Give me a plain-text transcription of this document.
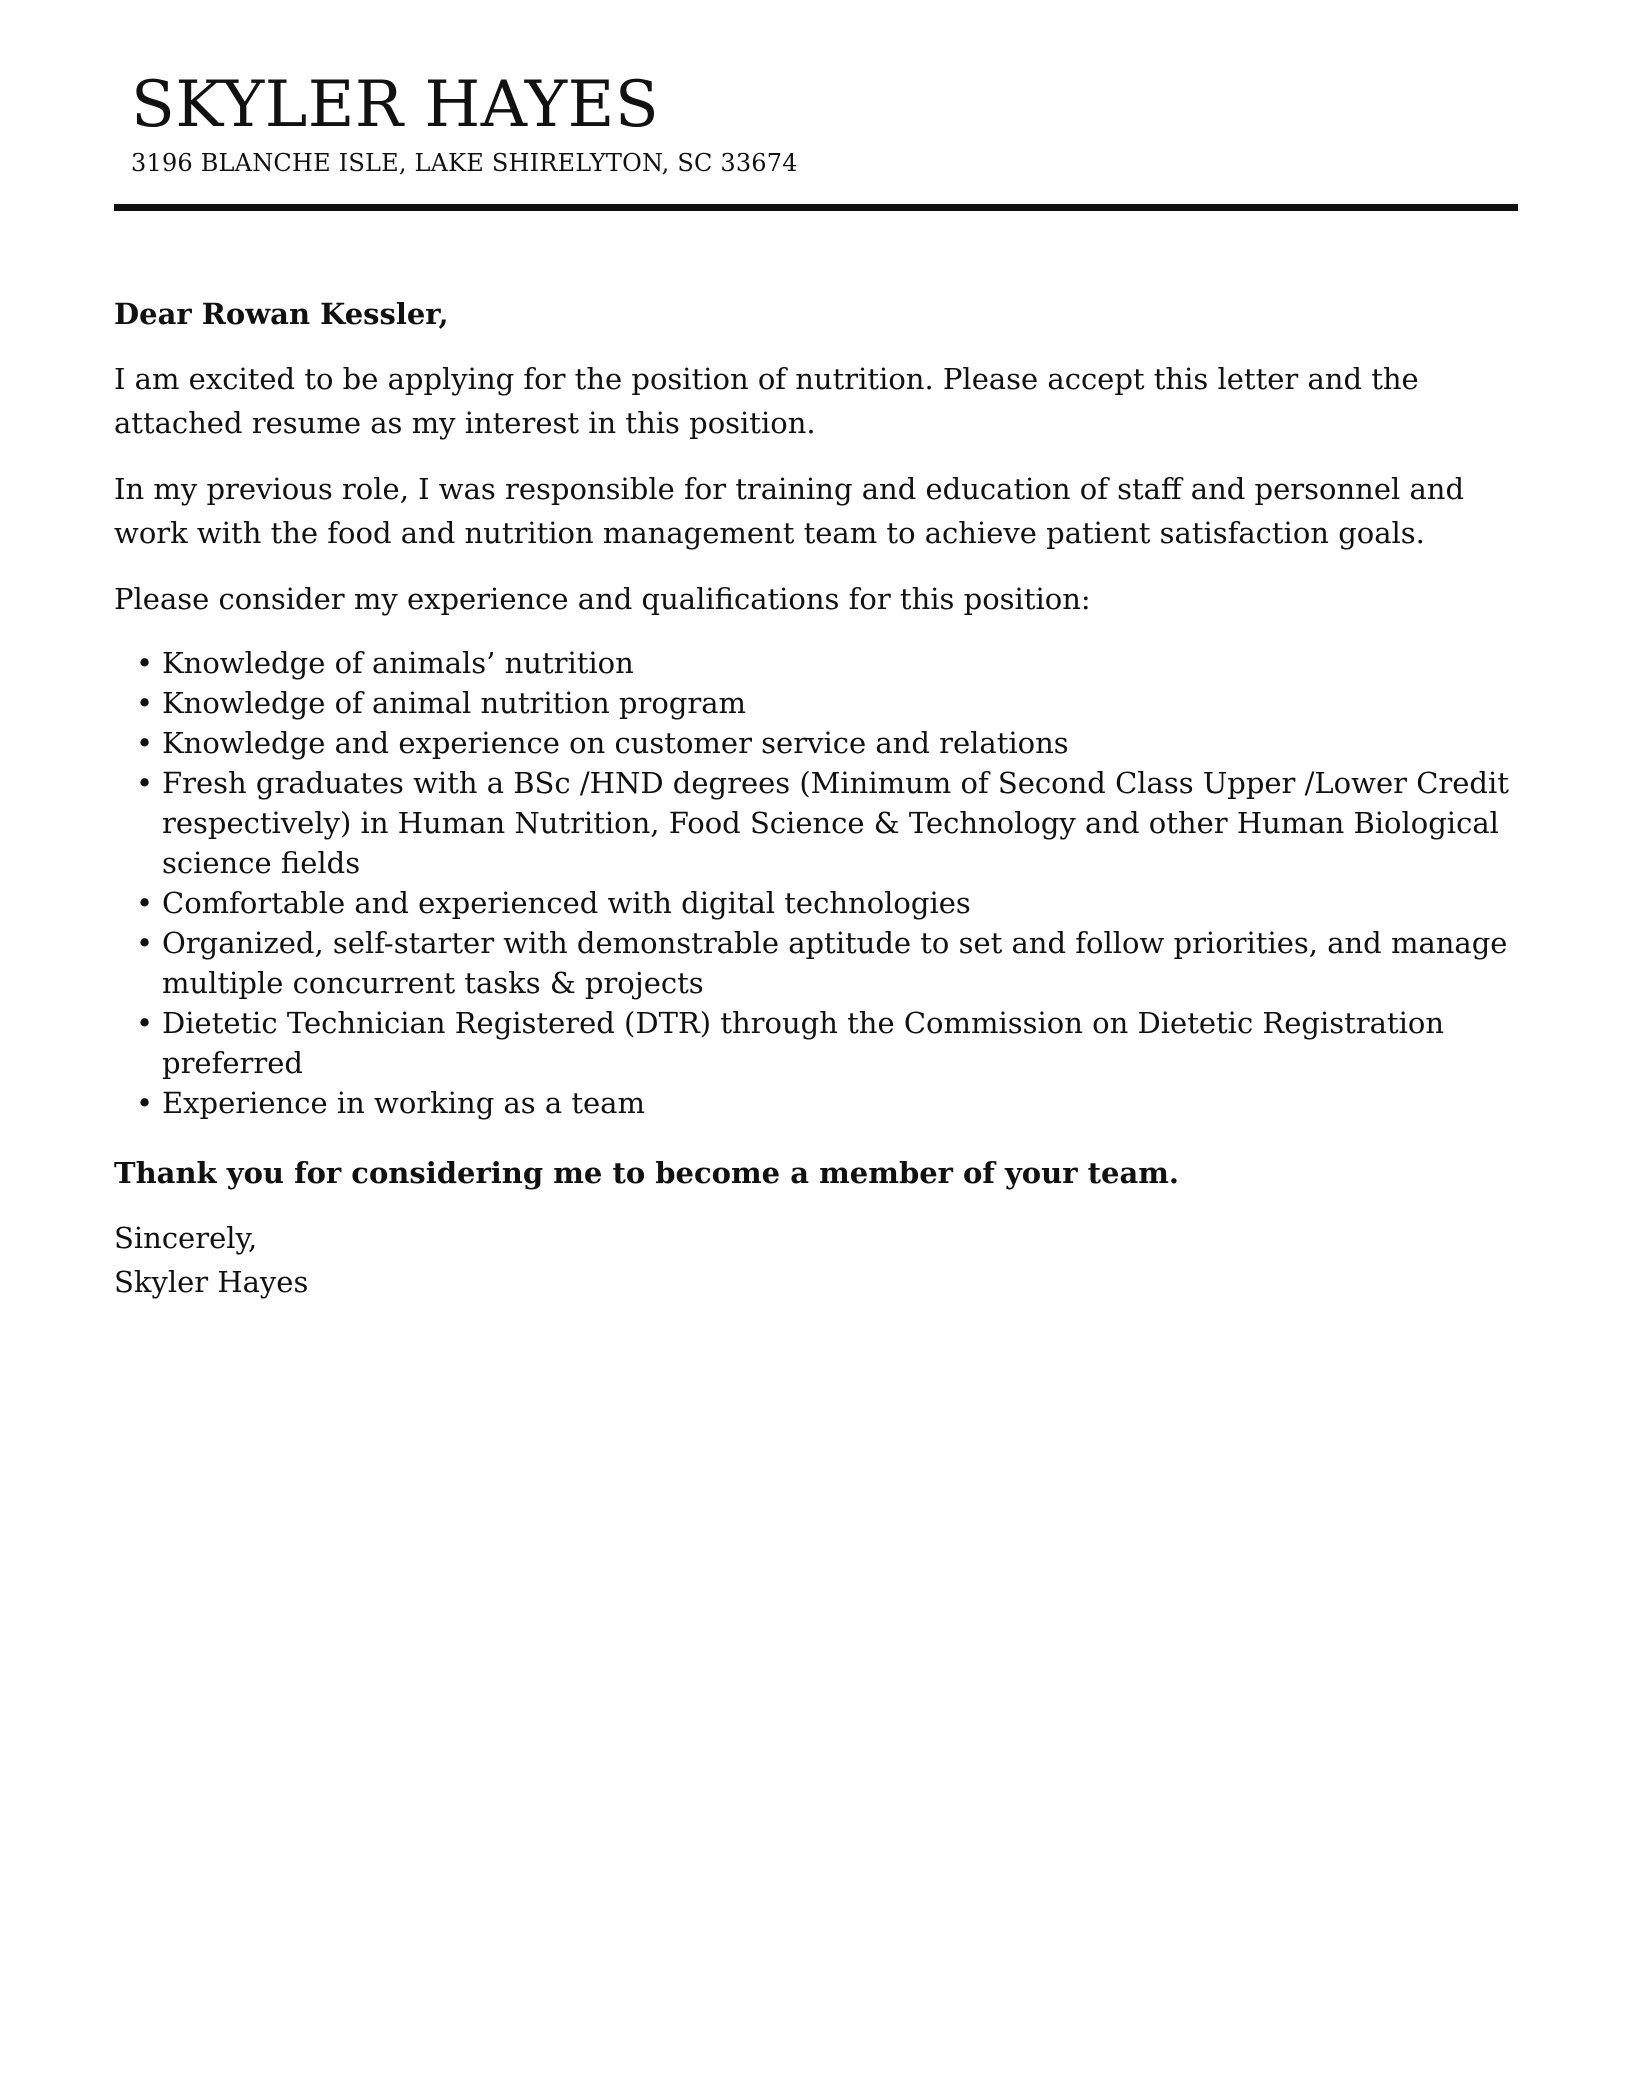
SKYLER HAYES
3196 BLANCHE ISLE, LAKE SHIRELYTON, SC 33674

Dear Rowan Kessler,

I am excited to be applying for the position of nutrition. Please accept this letter and the attached resume as my interest in this position.

In my previous role, I was responsible for training and education of staff and personnel and work with the food and nutrition management team to achieve patient satisfaction goals.

Please consider my experience and qualifications for this position:

• Knowledge of animals’ nutrition
• Knowledge of animal nutrition program
• Knowledge and experience on customer service and relations
• Fresh graduates with a BSc /HND degrees (Minimum of Second Class Upper /Lower Credit respectively) in Human Nutrition, Food Science & Technology and other Human Biological science fields
• Comfortable and experienced with digital technologies
• Organized, self-starter with demonstrable aptitude to set and follow priorities, and manage multiple concurrent tasks & projects
• Dietetic Technician Registered (DTR) through the Commission on Dietetic Registration preferred
• Experience in working as a team

Thank you for considering me to become a member of your team.

Sincerely,
Skyler Hayes
